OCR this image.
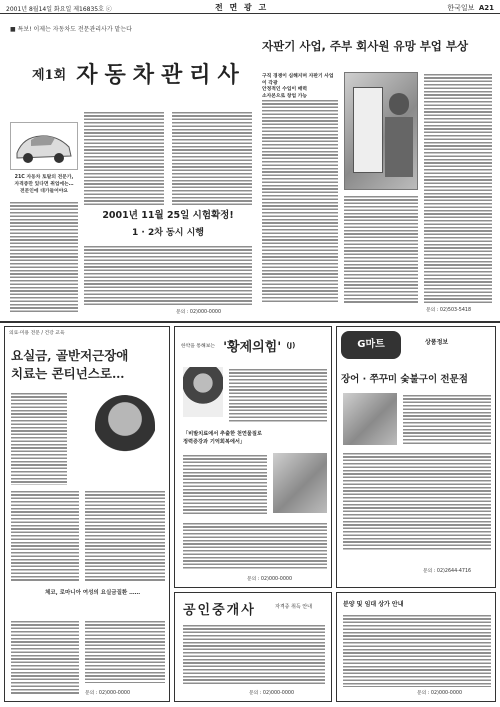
2001년 8월14일 화요일 제16835호 ⓒ	전 면 광 고	한국일보 A21
■ 특보! 이제는 자동차도 전문관리사가 맡는다
제1회 자동차관리사
21C 자동차 토탈의 전문가,
자격증만 있다면 취업에는…
전문인에 대가들어야요
2001년 11월 25일 시험확정!
1 · 2차 동시 시행
문의 : 02)000-0000
자판기 사업, 주부 회사원 유망 부업 부상
구직 경쟁이 심해지며 자판기 사업이 각광
안정적인 수입이 매력
소자본으로 창업 가능
문의 : 02)503-5418
의료·미용 전문 / 건강 교육
요실금, 골반저근장애
치료는 콘티넌스로…
체코, 로마니아 여성의 요실금질환 ……
문의 : 02)000-0000
한약을 통해보는 '황제의힘' (J)
「비발치료에서 추출한 천연물질로
정력증강과 기억회복에서」
문의 : 02)000-0000
G마트	상품정보
장어 · 쭈꾸미 숯불구이 전문점
문의 : 02)2644-4716
공인중개사	자격증 취득 안내
문의 : 02)000-0000
분양 및 임대 상가 안내
문의 : 02)000-0000
